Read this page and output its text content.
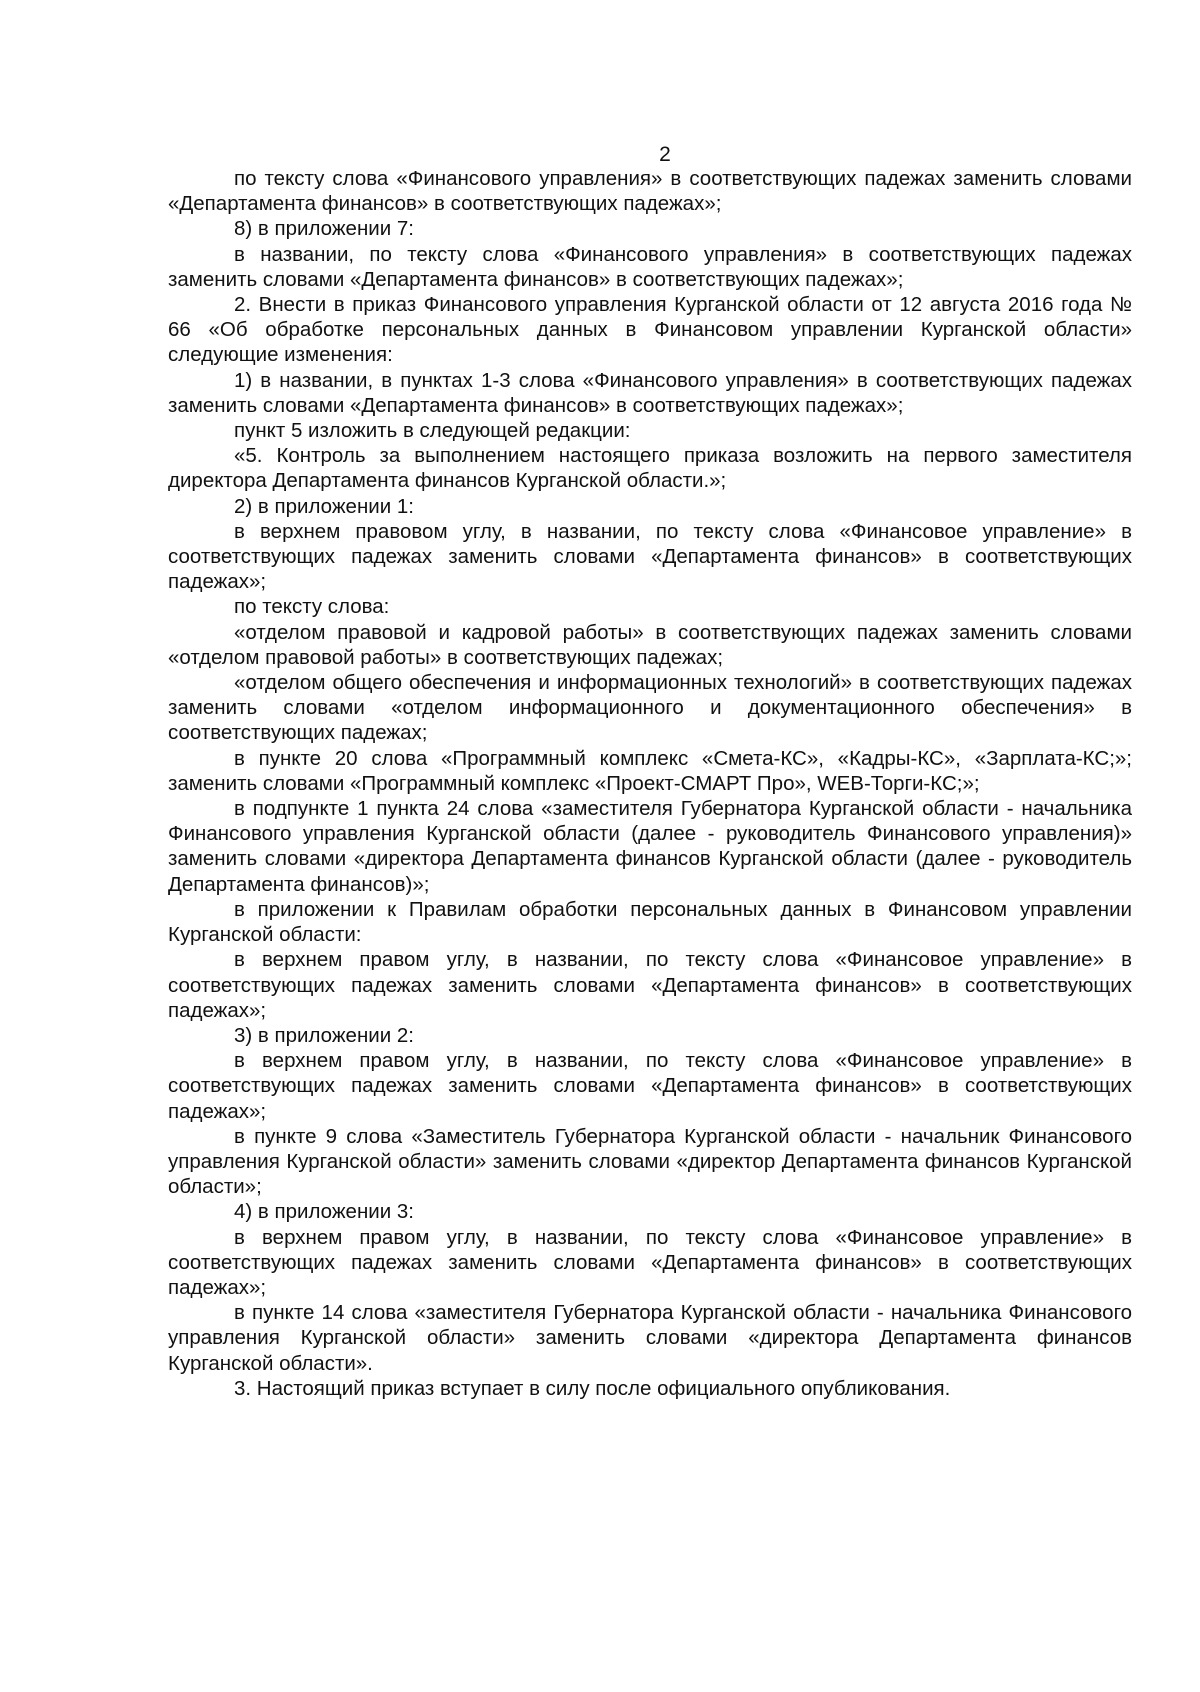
2

по тексту слова «Финансового управления» в соответствующих падежах заменить словами «Департамента финансов» в соответствующих падежах»;

8) в приложении 7:

в названии, по тексту слова «Финансового управления» в соответствующих падежах заменить словами «Департамента финансов» в соответствующих падежах»;

2. Внести в приказ Финансового управления Курганской области от 12 августа 2016 года № 66 «Об обработке персональных данных в Финансовом управлении Курганской области» следующие изменения:

1) в названии, в пунктах 1-3 слова «Финансового управления» в соответствующих падежах заменить словами «Департамента финансов» в соответствующих падежах»;

пункт 5 изложить в следующей редакции:

«5. Контроль за выполнением настоящего приказа возложить на первого заместителя директора Департамента финансов Курганской области.»;

2) в приложении 1:

в верхнем правовом углу, в названии, по тексту слова «Финансовое управление» в соответствующих падежах заменить словами «Департамента финансов» в соответствующих падежах»;

по тексту слова:

«отделом правовой и кадровой работы» в соответствующих падежах заменить словами «отделом правовой работы» в соответствующих падежах;

«отделом общего обеспечения и информационных технологий» в соответствующих падежах заменить словами «отделом информационного и документационного обеспечения» в соответствующих падежах;

в пункте 20 слова «Программный комплекс «Смета-КС», «Кадры-КС», «Зарплата-КС;»; заменить словами «Программный комплекс «Проект-СМАРТ Про», WEB-Торги-КС;»;

в подпункте 1 пункта 24 слова «заместителя Губернатора Курганской области - начальника Финансового управления Курганской области (далее - руководитель Финансового управления)» заменить словами «директора Департамента финансов Курганской области (далее - руководитель Департамента финансов)»;

в приложении к Правилам обработки персональных данных в Финансовом управлении Курганской области:

в верхнем правом углу, в названии, по тексту слова «Финансовое управление» в соответствующих падежах заменить словами «Департамента финансов» в соответствующих падежах»;

3) в приложении 2:

в верхнем правом углу, в названии, по тексту слова «Финансовое управление» в соответствующих падежах заменить словами «Департамента финансов» в соответствующих падежах»;

в пункте 9 слова «Заместитель Губернатора Курганской области - начальник Финансового управления Курганской области» заменить словами «директор Департамента финансов Курганской области»;

4) в приложении 3:

в верхнем правом углу, в названии, по тексту слова «Финансовое управление» в соответствующих падежах заменить словами «Департамента финансов» в соответствующих падежах»;

в пункте 14 слова «заместителя Губернатора Курганской области - начальника Финансового управления Курганской области» заменить словами «директора Департамента финансов Курганской области».

3. Настоящий приказ вступает в силу после официального опубликования.
